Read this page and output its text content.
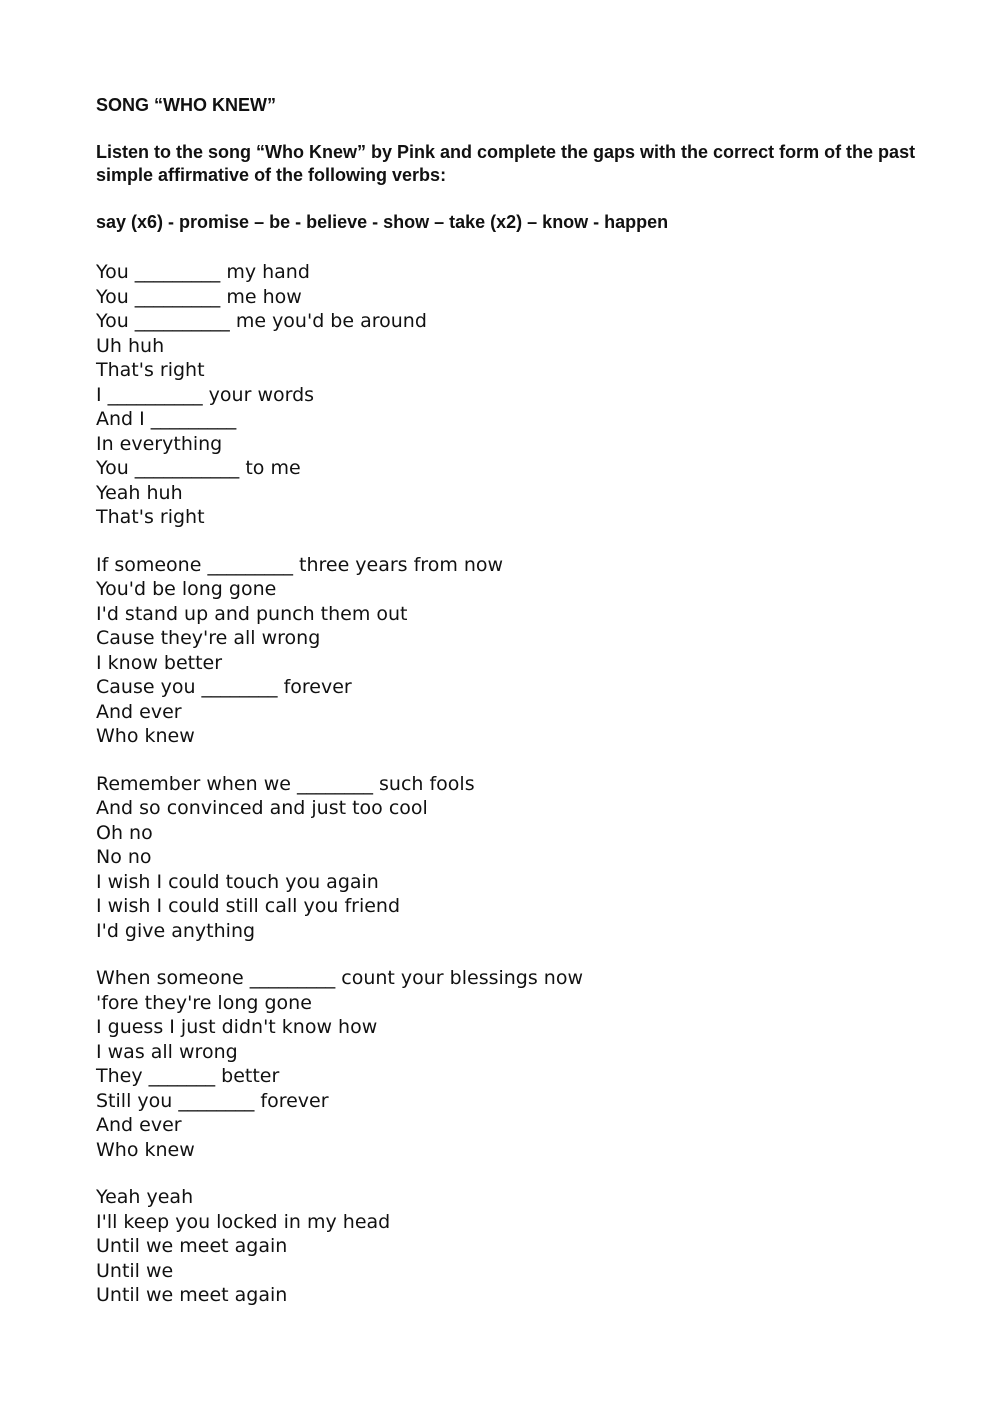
SONG “WHO KNEW”

Listen to the song “Who Knew” by Pink and complete the gaps with the correct form of the past simple affirmative of the following verbs:

say (x6) - promise – be - believe - show – take (x2) – know - happen

You _________ my hand

You _________ me how

You __________ me you'd be around

Uh huh

That's right

I __________ your words

And I _________

In everything

You ___________ to me

Yeah huh

That's right

If someone _________ three years from now

You'd be long gone

I'd stand up and punch them out

Cause they're all wrong

I know better

Cause you ________ forever

And ever

Who knew

Remember when we ________ such fools

And so convinced and just too cool

Oh no

No no

I wish I could touch you again

I wish I could still call you friend

I'd give anything

When someone _________ count your blessings now

'fore they're long gone

I guess I just didn't know how

I was all wrong

They _______ better

Still you ________ forever

And ever

Who knew

Yeah yeah

I'll keep you locked in my head

Until we meet again

Until we

Until we meet again
